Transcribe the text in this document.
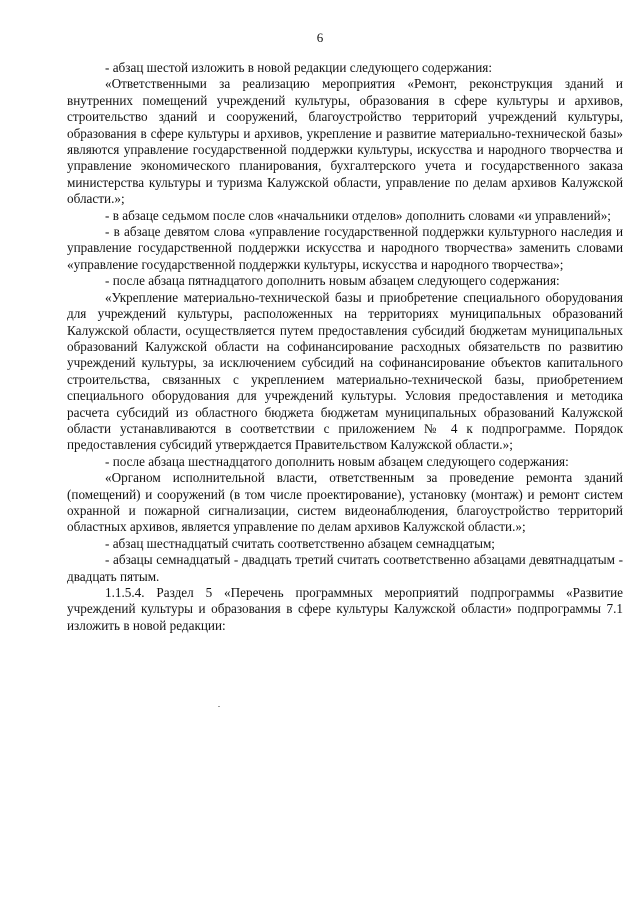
6

- абзац шестой изложить в новой редакции следующего содержания:

«Ответственными за реализацию мероприятия «Ремонт, реконструкция зданий и внутренних помещений учреждений культуры, образования в сфере культуры и архивов, строительство зданий и сооружений, благоустройство территорий учреждений культуры, образования в сфере культуры и архивов, укрепление и развитие материально-технической базы» являются управление государственной поддержки культуры, искусства и народного творчества и управление экономического планирования, бухгалтерского учета и государственного заказа министерства культуры и туризма Калужской области, управление по делам архивов Калужской области.»;

- в абзаце седьмом после слов «начальники отделов» дополнить словами «и управлений»;

- в абзаце девятом слова «управление государственной поддержки культурного наследия и управление государственной поддержки искусства и народного творчества» заменить словами «управление государственной поддержки культуры, искусства и народного творчества»;

- после абзаца пятнадцатого дополнить новым абзацем следующего содержания:

«Укрепление материально-технической базы и приобретение специального оборудования для учреждений культуры, расположенных на территориях муниципальных образований Калужской области, осуществляется путем предоставления субсидий бюджетам муниципальных образований Калужской области на софинансирование расходных обязательств по развитию учреждений культуры, за исключением субсидий на софинансирование объектов капитального строительства, связанных с укреплением материально-технической базы, приобретением специального оборудования для учреждений культуры. Условия предоставления и методика расчета субсидий из областного бюджета бюджетам муниципальных образований Калужской области устанавливаются в соответствии с приложением № 4 к подпрограмме. Порядок предоставления субсидий утверждается Правительством Калужской области.»;

- после абзаца шестнадцатого дополнить новым абзацем следующего содержания:

«Органом исполнительной власти, ответственным за проведение ремонта зданий (помещений) и сооружений (в том числе проектирование), установку (монтаж) и ремонт систем охранной и пожарной сигнализации, систем видеонаблюдения, благоустройство территорий областных архивов, является управление по делам архивов Калужской области.»;

- абзац шестнадцатый считать соответственно абзацем семнадцатым;

- абзацы семнадцатый - двадцать третий считать соответственно абзацами девятнадцатым - двадцать пятым.

1.1.5.4. Раздел 5 «Перечень программных мероприятий подпрограммы «Развитие учреждений культуры и образования в сфере культуры Калужской области» подпрограммы 7.1 изложить в новой редакции:
